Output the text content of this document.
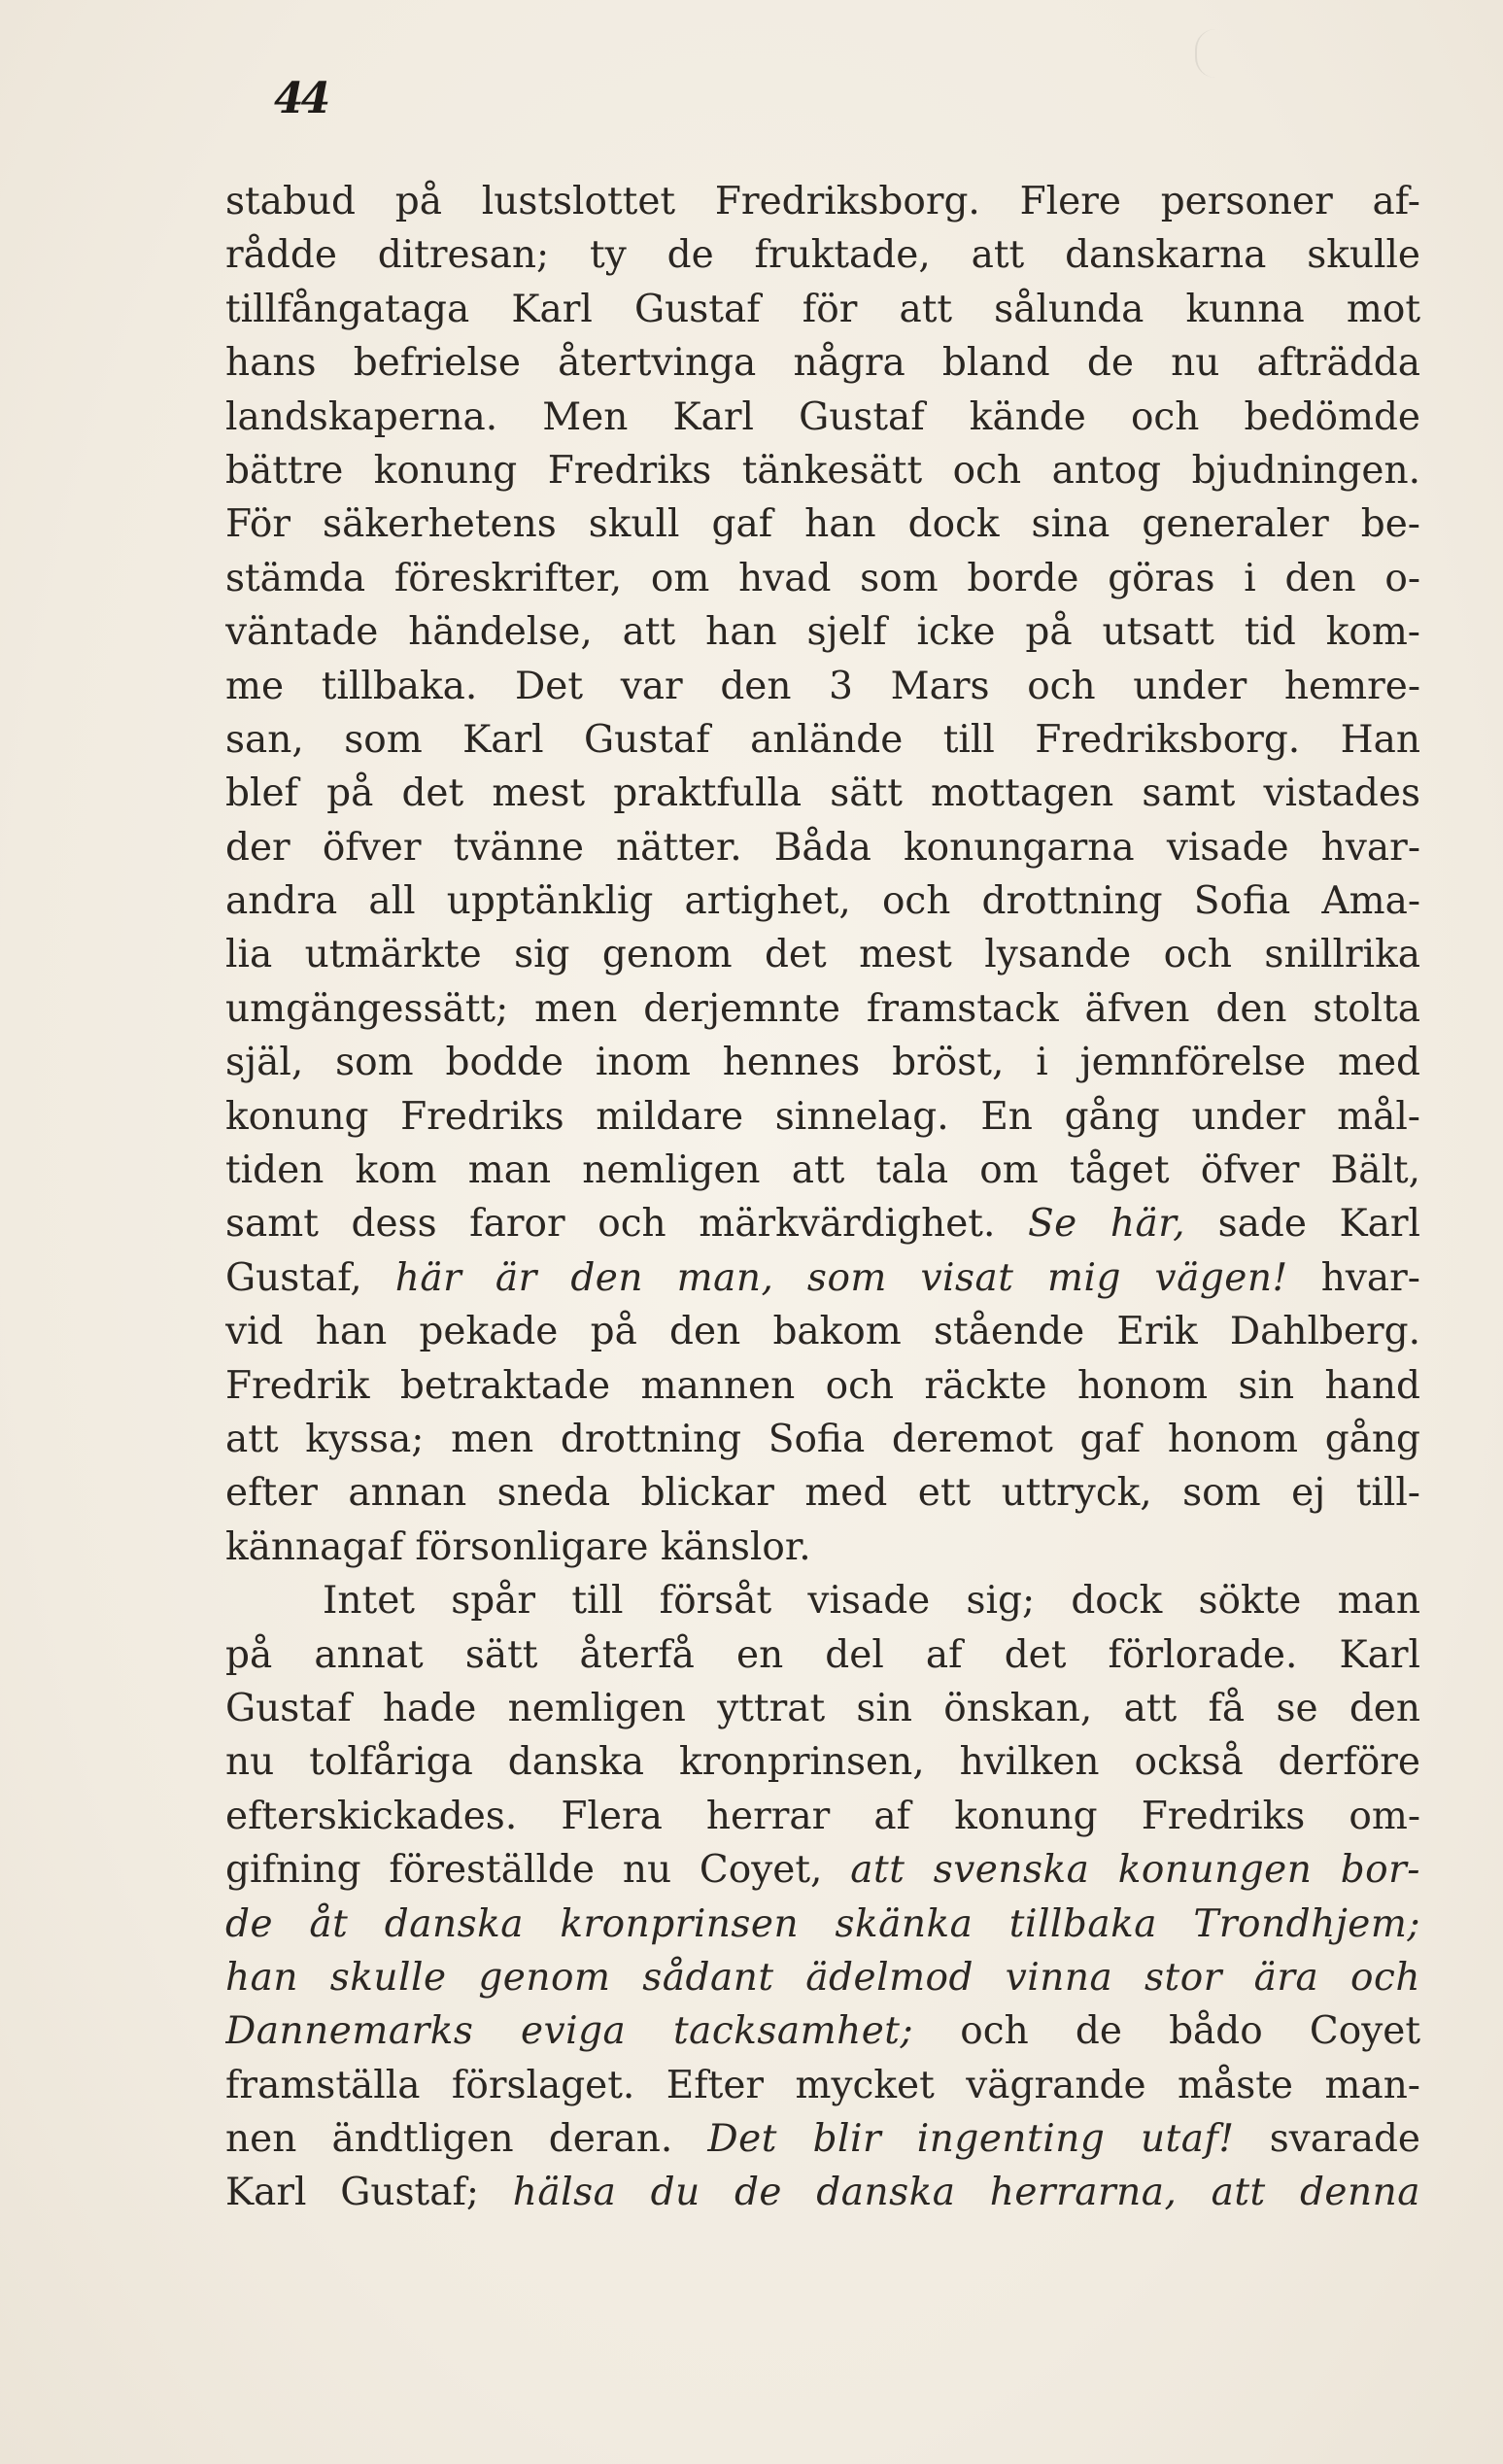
44
stabud på lustslottet Fredriksborg. Flere personer af-
rådde ditresan; ty de fruktade, att danskarna skulle
tillfångataga Karl Gustaf för att sålunda kunna mot
hans befrielse återtvinga några bland de nu afträdda
landskaperna. Men Karl Gustaf kände och bedömde
bättre konung Fredriks tänkesätt och antog bjudningen.
För säkerhetens skull gaf han dock sina generaler be-
stämda föreskrifter, om hvad som borde göras i den o-
väntade händelse, att han sjelf icke på utsatt tid kom-
me tillbaka. Det var den 3 Mars och under hemre-
san, som Karl Gustaf anlände till Fredriksborg. Han
blef på det mest praktfulla sätt mottagen samt vistades
der öfver tvänne nätter. Båda konungarna visade hvar-
andra all upptänklig artighet, och drottning Sofia Ama-
lia utmärkte sig genom det mest lysande och snillrika
umgängessätt; men derjemnte framstack äfven den stolta
själ, som bodde inom hennes bröst, i jemnförelse med
konung Fredriks mildare sinnelag. En gång under mål-
tiden kom man nemligen att tala om tåget öfver Bält,
samt dess faror och märkvärdighet. Se här, sade Karl
Gustaf, här är den man, som visat mig vägen! hvar-
vid han pekade på den bakom stående Erik Dahlberg.
Fredrik betraktade mannen och räckte honom sin hand
att kyssa; men drottning Sofia deremot gaf honom gång
efter annan sneda blickar med ett uttryck, som ej till-
kännagaf försonligare känslor.
Intet spår till försåt visade sig; dock sökte man
på annat sätt återfå en del af det förlorade. Karl
Gustaf hade nemligen yttrat sin önskan, att få se den
nu tolfåriga danska kronprinsen, hvilken också derföre
efterskickades. Flera herrar af konung Fredriks om-
gifning föreställde nu Coyet, att svenska konungen bor-
de åt danska kronprinsen skänka tillbaka Trondhjem;
han skulle genom sådant ädelmod vinna stor ära och
Dannemarks eviga tacksamhet; och de bådo Coyet
framställa förslaget. Efter mycket vägrande måste man-
nen ändtligen deran. Det blir ingenting utaf! svarade
Karl Gustaf; hälsa du de danska herrarna, att denna
